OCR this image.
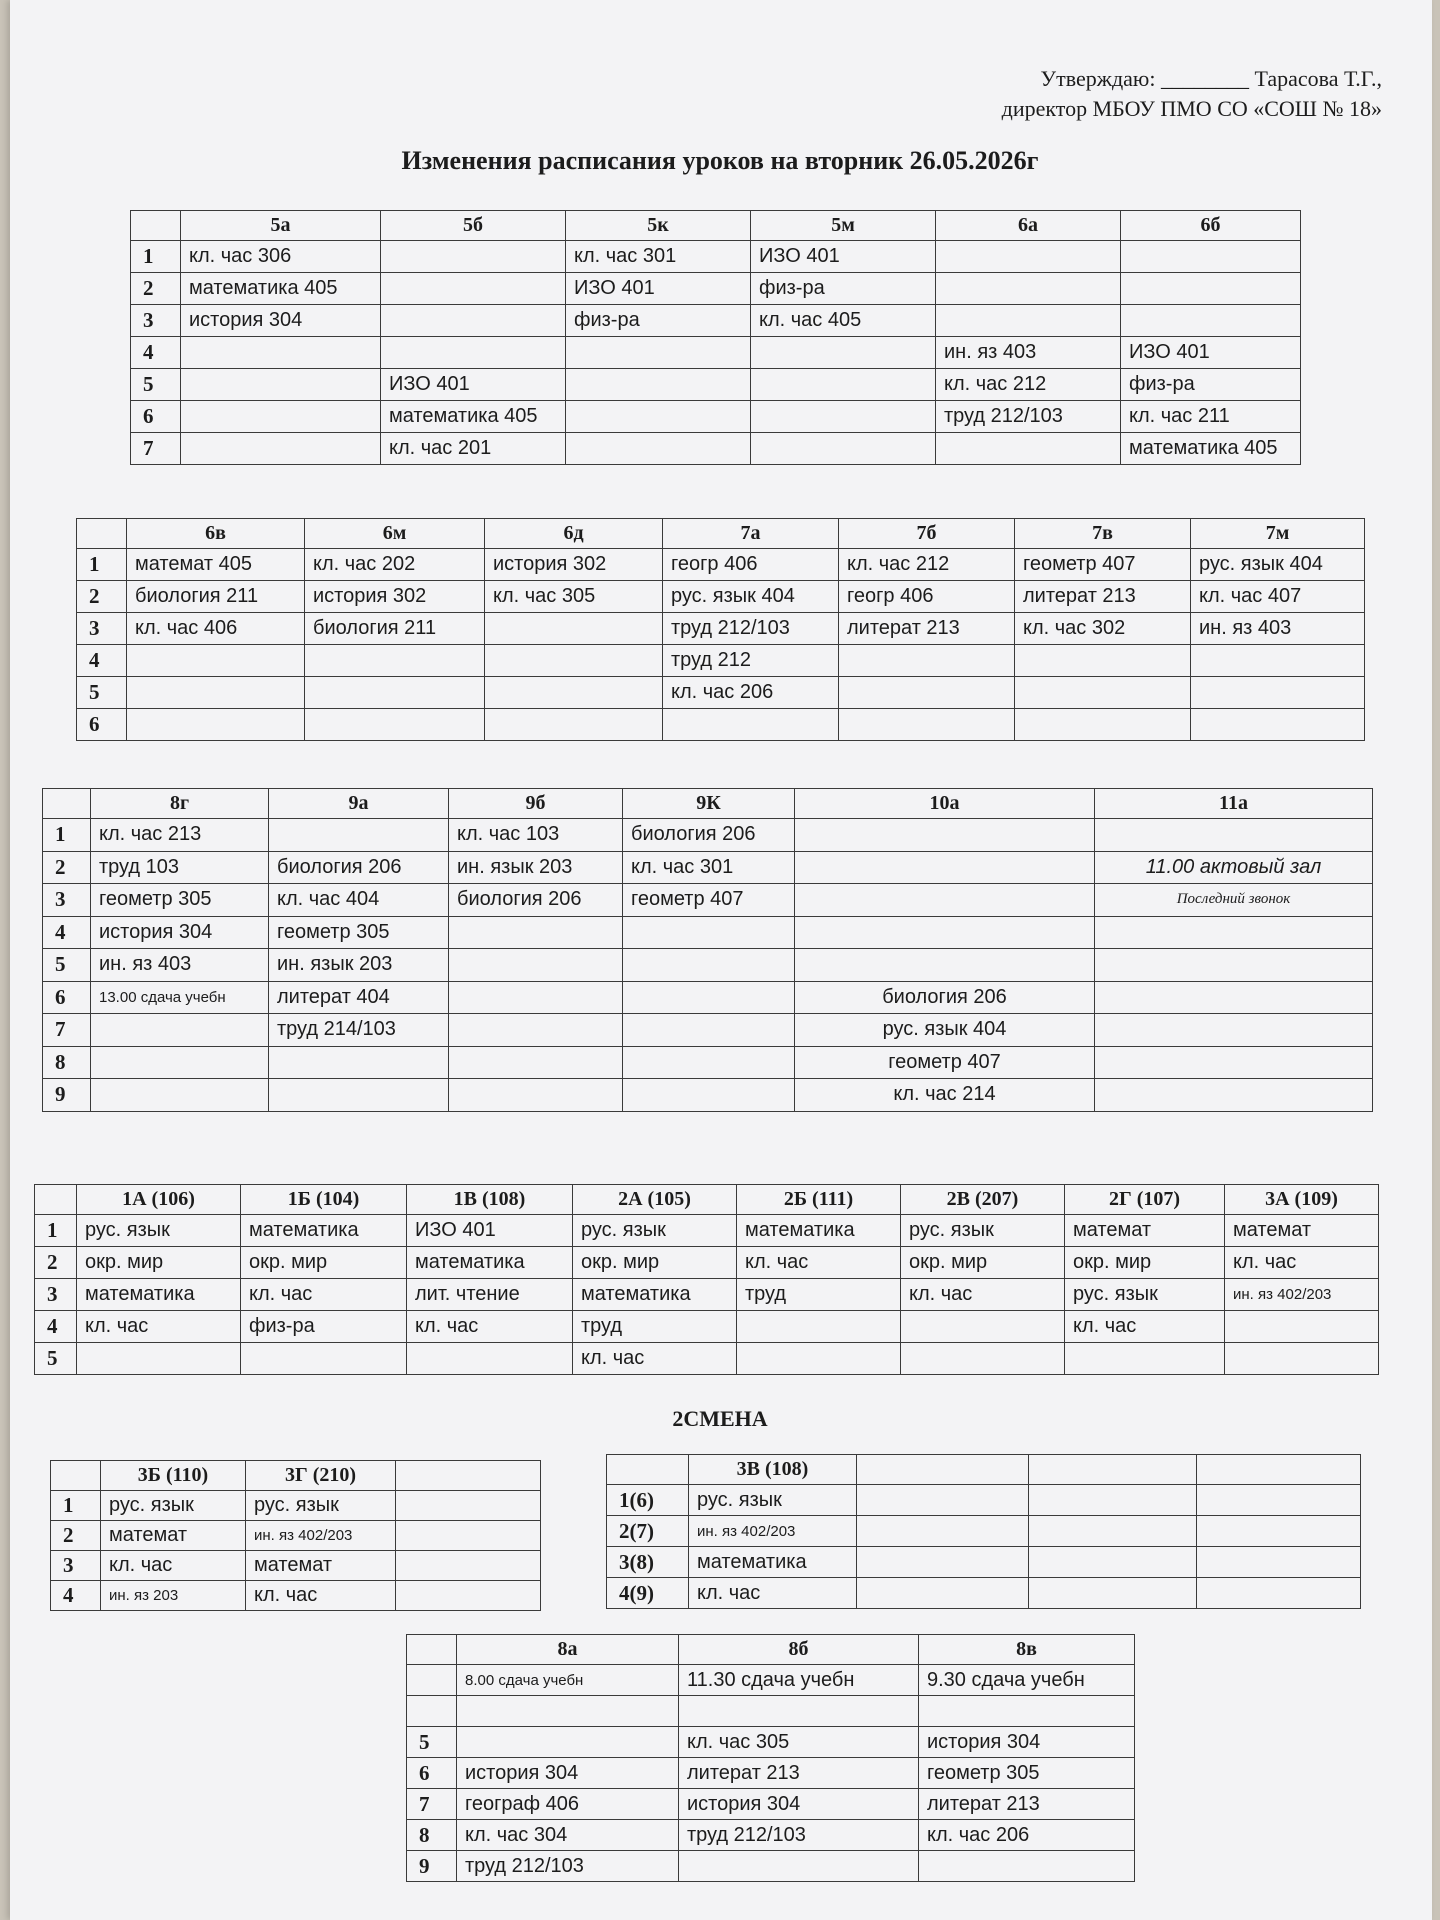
Утверждаю: ________ Тарасова Т.Г.,
директор МБОУ ПМО СО «СОШ № 18»
Изменения расписания уроков на вторник 26.05.2026г
	5а	5б	5к	5м	6а	6б
1	кл. час 306		кл. час 301	ИЗО 401		
2	математика 405		ИЗО 401	физ-ра		
3	история 304		физ-ра	кл. час 405		
4					ин. яз 403	ИЗО 401
5		ИЗО 401			кл. час 212	физ-ра
6		математика 405			труд 212/103	кл. час 211
7		кл. час 201				математика 405
	6в	6м	6д	7а	7б	7в	7м
1	математ 405	кл. час 202	история 302	геогр 406	кл. час 212	геометр 407	рус. язык 404
2	биология 211	история 302	кл. час 305	рус. язык 404	геогр 406	литерат 213	кл. час 407
3	кл. час 406	биология 211		труд 212/103	литерат 213	кл. час 302	ин. яз 403
4				труд 212			
5				кл. час 206			
6							
	8г	9а	9б	9К	10а	11а
1	кл. час 213		кл. час 103	биология 206		
2	труд 103	биология 206	ин. язык 203	кл. час 301		11.00 актовый зал
3	геометр 305	кл. час 404	биология 206	геометр 407		Последний звонок
4	история 304	геометр 305				
5	ин. яз 403	ин. язык 203				
6	13.00 сдача учебн	литерат 404			биология 206	
7		труд 214/103			рус. язык 404	
8					геометр 407	
9					кл. час 214	
	1А (106)	1Б (104)	1В (108)	2А (105)	2Б (111)	2В (207)	2Г (107)	3А (109)
1	рус. язык	математика	ИЗО 401	рус. язык	математика	рус. язык	математ	математ
2	окр. мир	окр. мир	математика	окр. мир	кл. час	окр. мир	окр. мир	кл. час
3	математика	кл. час	лит. чтение	математика	труд	кл. час	рус. язык	ин. яз 402/203
4	кл. час	физ-ра	кл. час	труд			кл. час	
5				кл. час				
2СМЕНА
	3Б (110)	3Г (210)	
1	рус. язык	рус. язык	
2	математ	ин. яз 402/203	
3	кл. час	математ	
4	ин. яз 203	кл. час	
	3В (108)			
1(6)	рус. язык			
2(7)	ин. яз 402/203			
3(8)	математика			
4(9)	кл. час			
	8а	8б	8в
	8.00 сдача учебн	11.30 сдача учебн	9.30 сдача учебн

5		кл. час 305	история 304
6	история 304	литерат 213	геометр 305
7	географ 406	история 304	литерат 213
8	кл. час 304	труд 212/103	кл. час 206
9	труд 212/103		
